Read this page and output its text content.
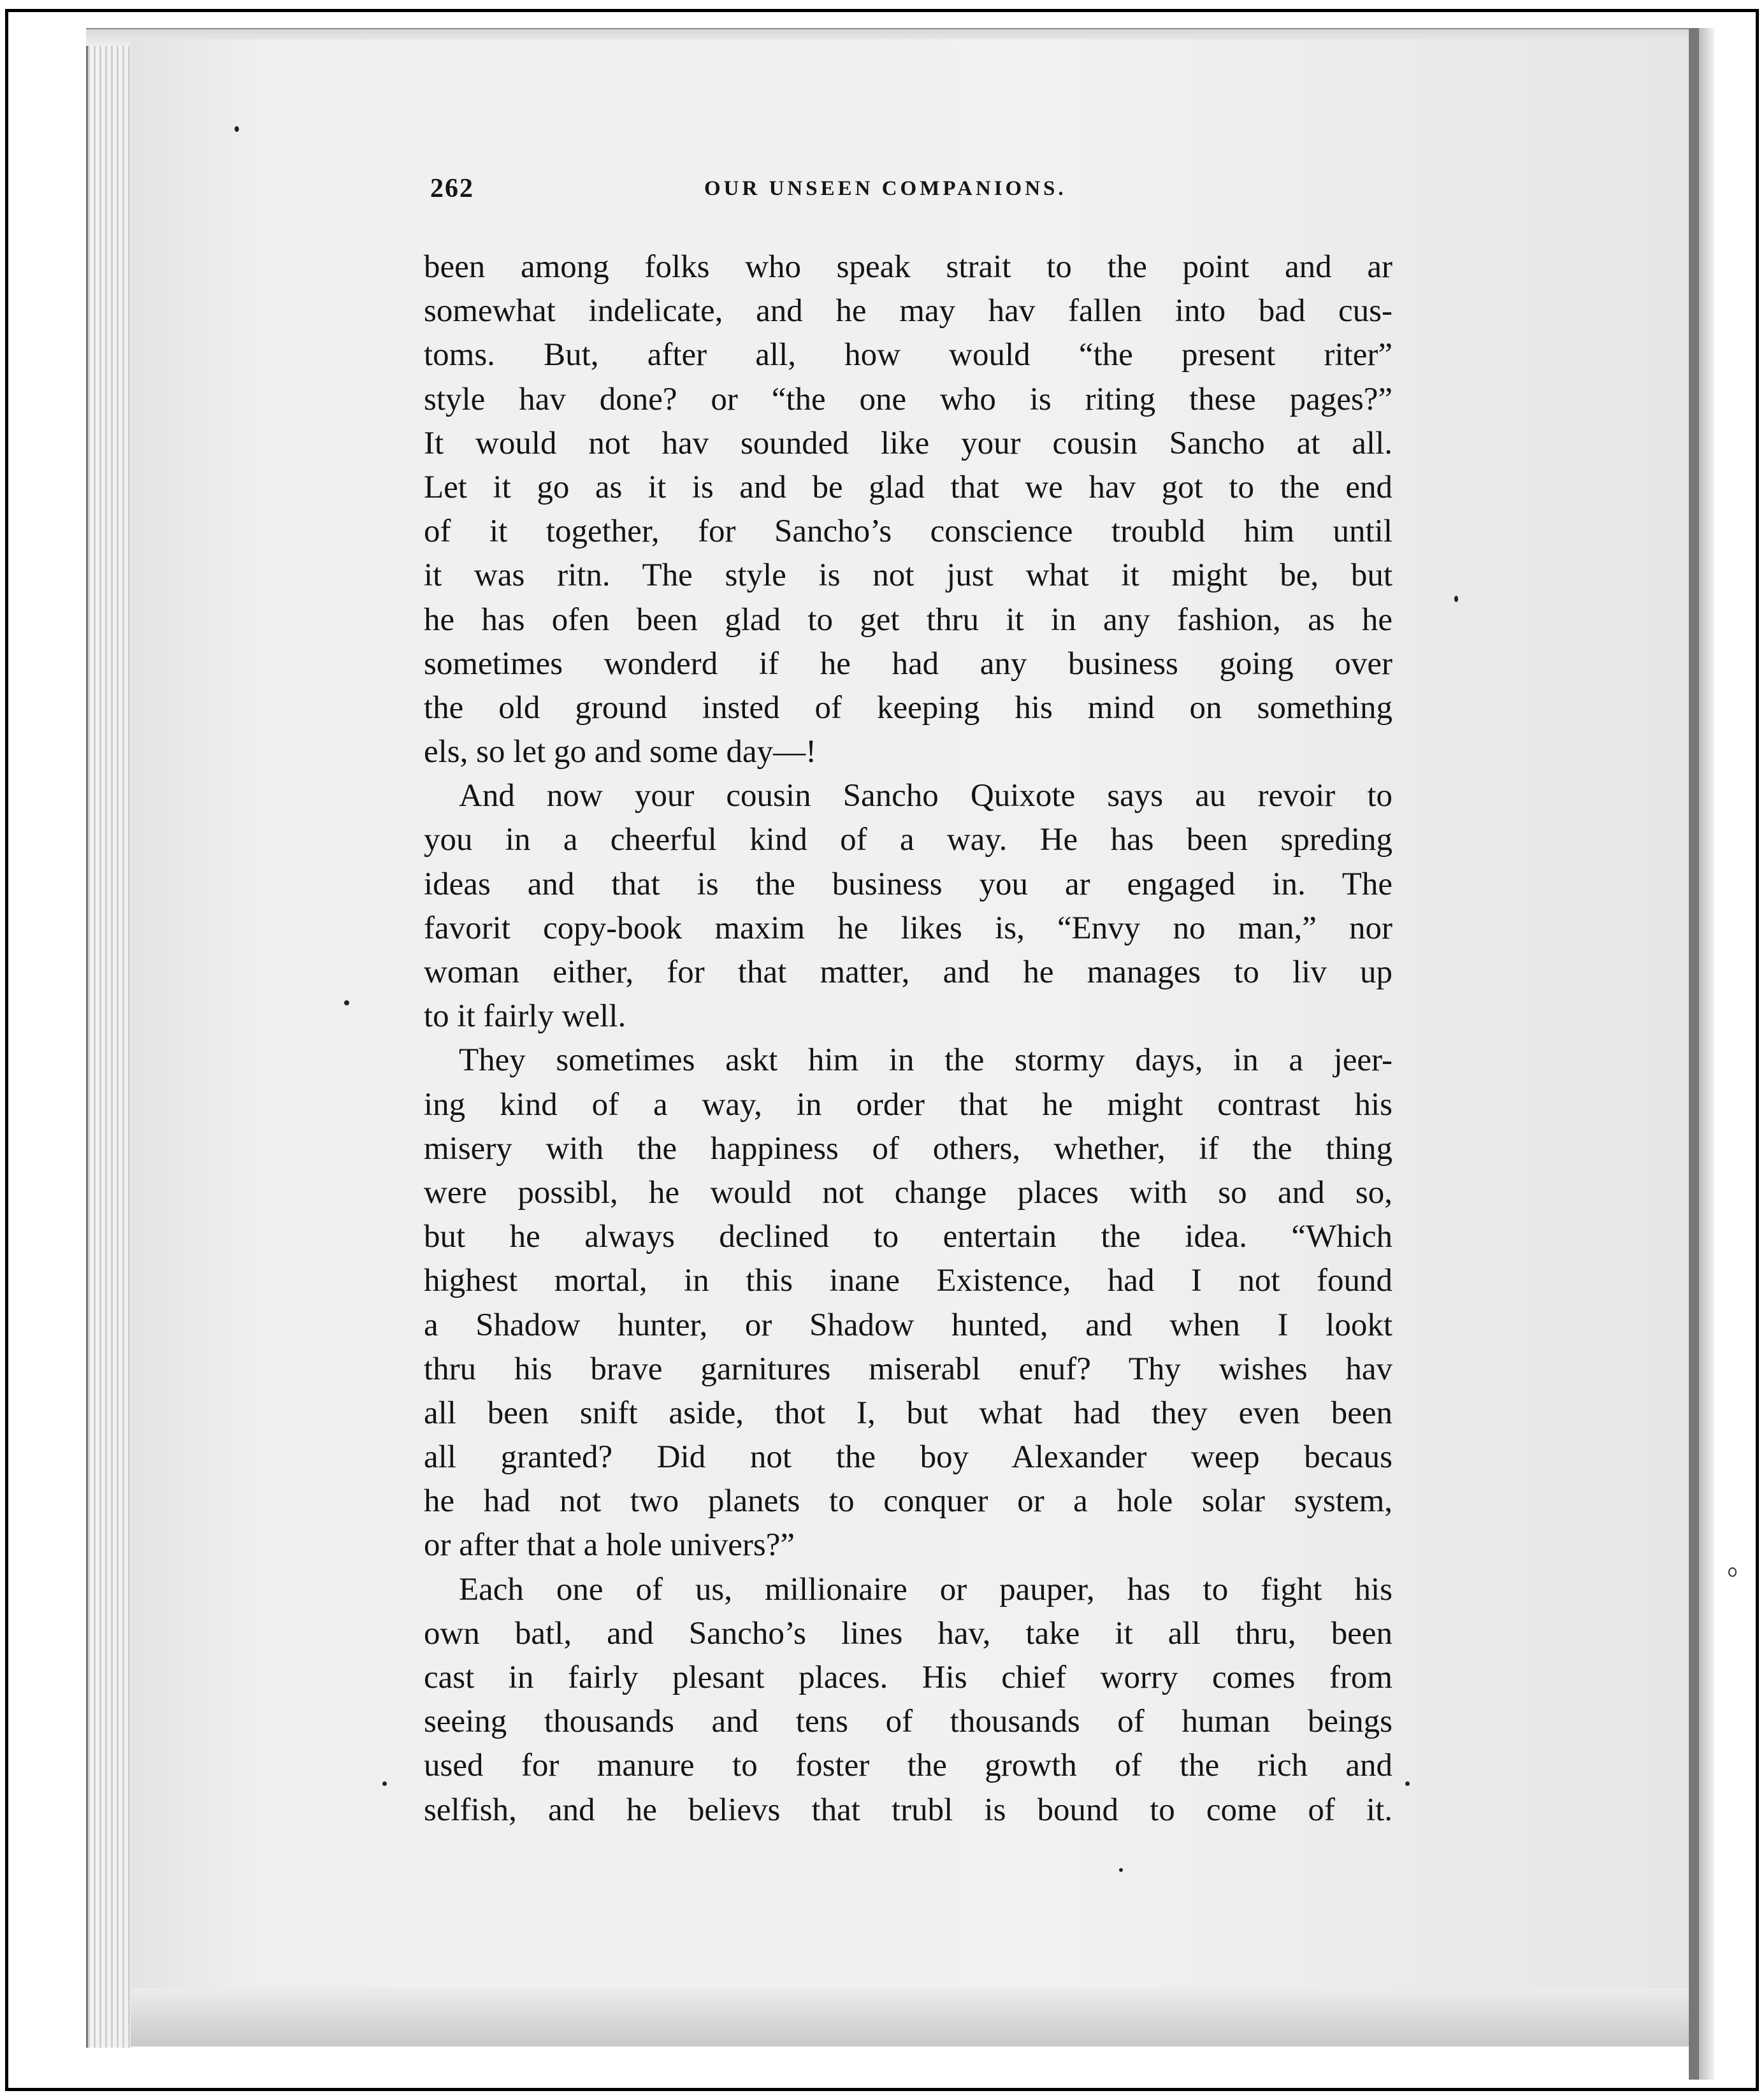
262	OUR UNSEEN COMPANIONS.
been among folks who speak strait to the point and ar
somewhat indelicate, and he may hav fallen into bad cus-
toms. But, after all, how would “the present riter”
style hav done? or “the one who is riting these pages?”
It would not hav sounded like your cousin Sancho at all.
Let it go as it is and be glad that we hav got to the end
of it together, for Sancho’s conscience troubld him until
it was ritn. The style is not just what it might be, but
he has ofen been glad to get thru it in any fashion, as he
sometimes wonderd if he had any business going over
the old ground insted of keeping his mind on something
els, so let go and some day—!
And now your cousin Sancho Quixote says au revoir to
you in a cheerful kind of a way. He has been spreding
ideas and that is the business you ar engaged in. The
favorit copy-book maxim he likes is, “Envy no man,” nor
woman either, for that matter, and he manages to liv up
to it fairly well.
They sometimes askt him in the stormy days, in a jeer-
ing kind of a way, in order that he might contrast his
misery with the happiness of others, whether, if the thing
were possibl, he would not change places with so and so,
but he always declined to entertain the idea. “Which
highest mortal, in this inane Existence, had I not found
a Shadow hunter, or Shadow hunted, and when I lookt
thru his brave garnitures miserabl enuf? Thy wishes hav
all been snift aside, thot I, but what had they even been
all granted? Did not the boy Alexander weep becaus
he had not two planets to conquer or a hole solar system,
or after that a hole univers?”
Each one of us, millionaire or pauper, has to fight his
own batl, and Sancho’s lines hav, take it all thru, been
cast in fairly plesant places. His chief worry comes from
seeing thousands and tens of thousands of human beings
used for manure to foster the growth of the rich and
selfish, and he believs that trubl is bound to come of it.
